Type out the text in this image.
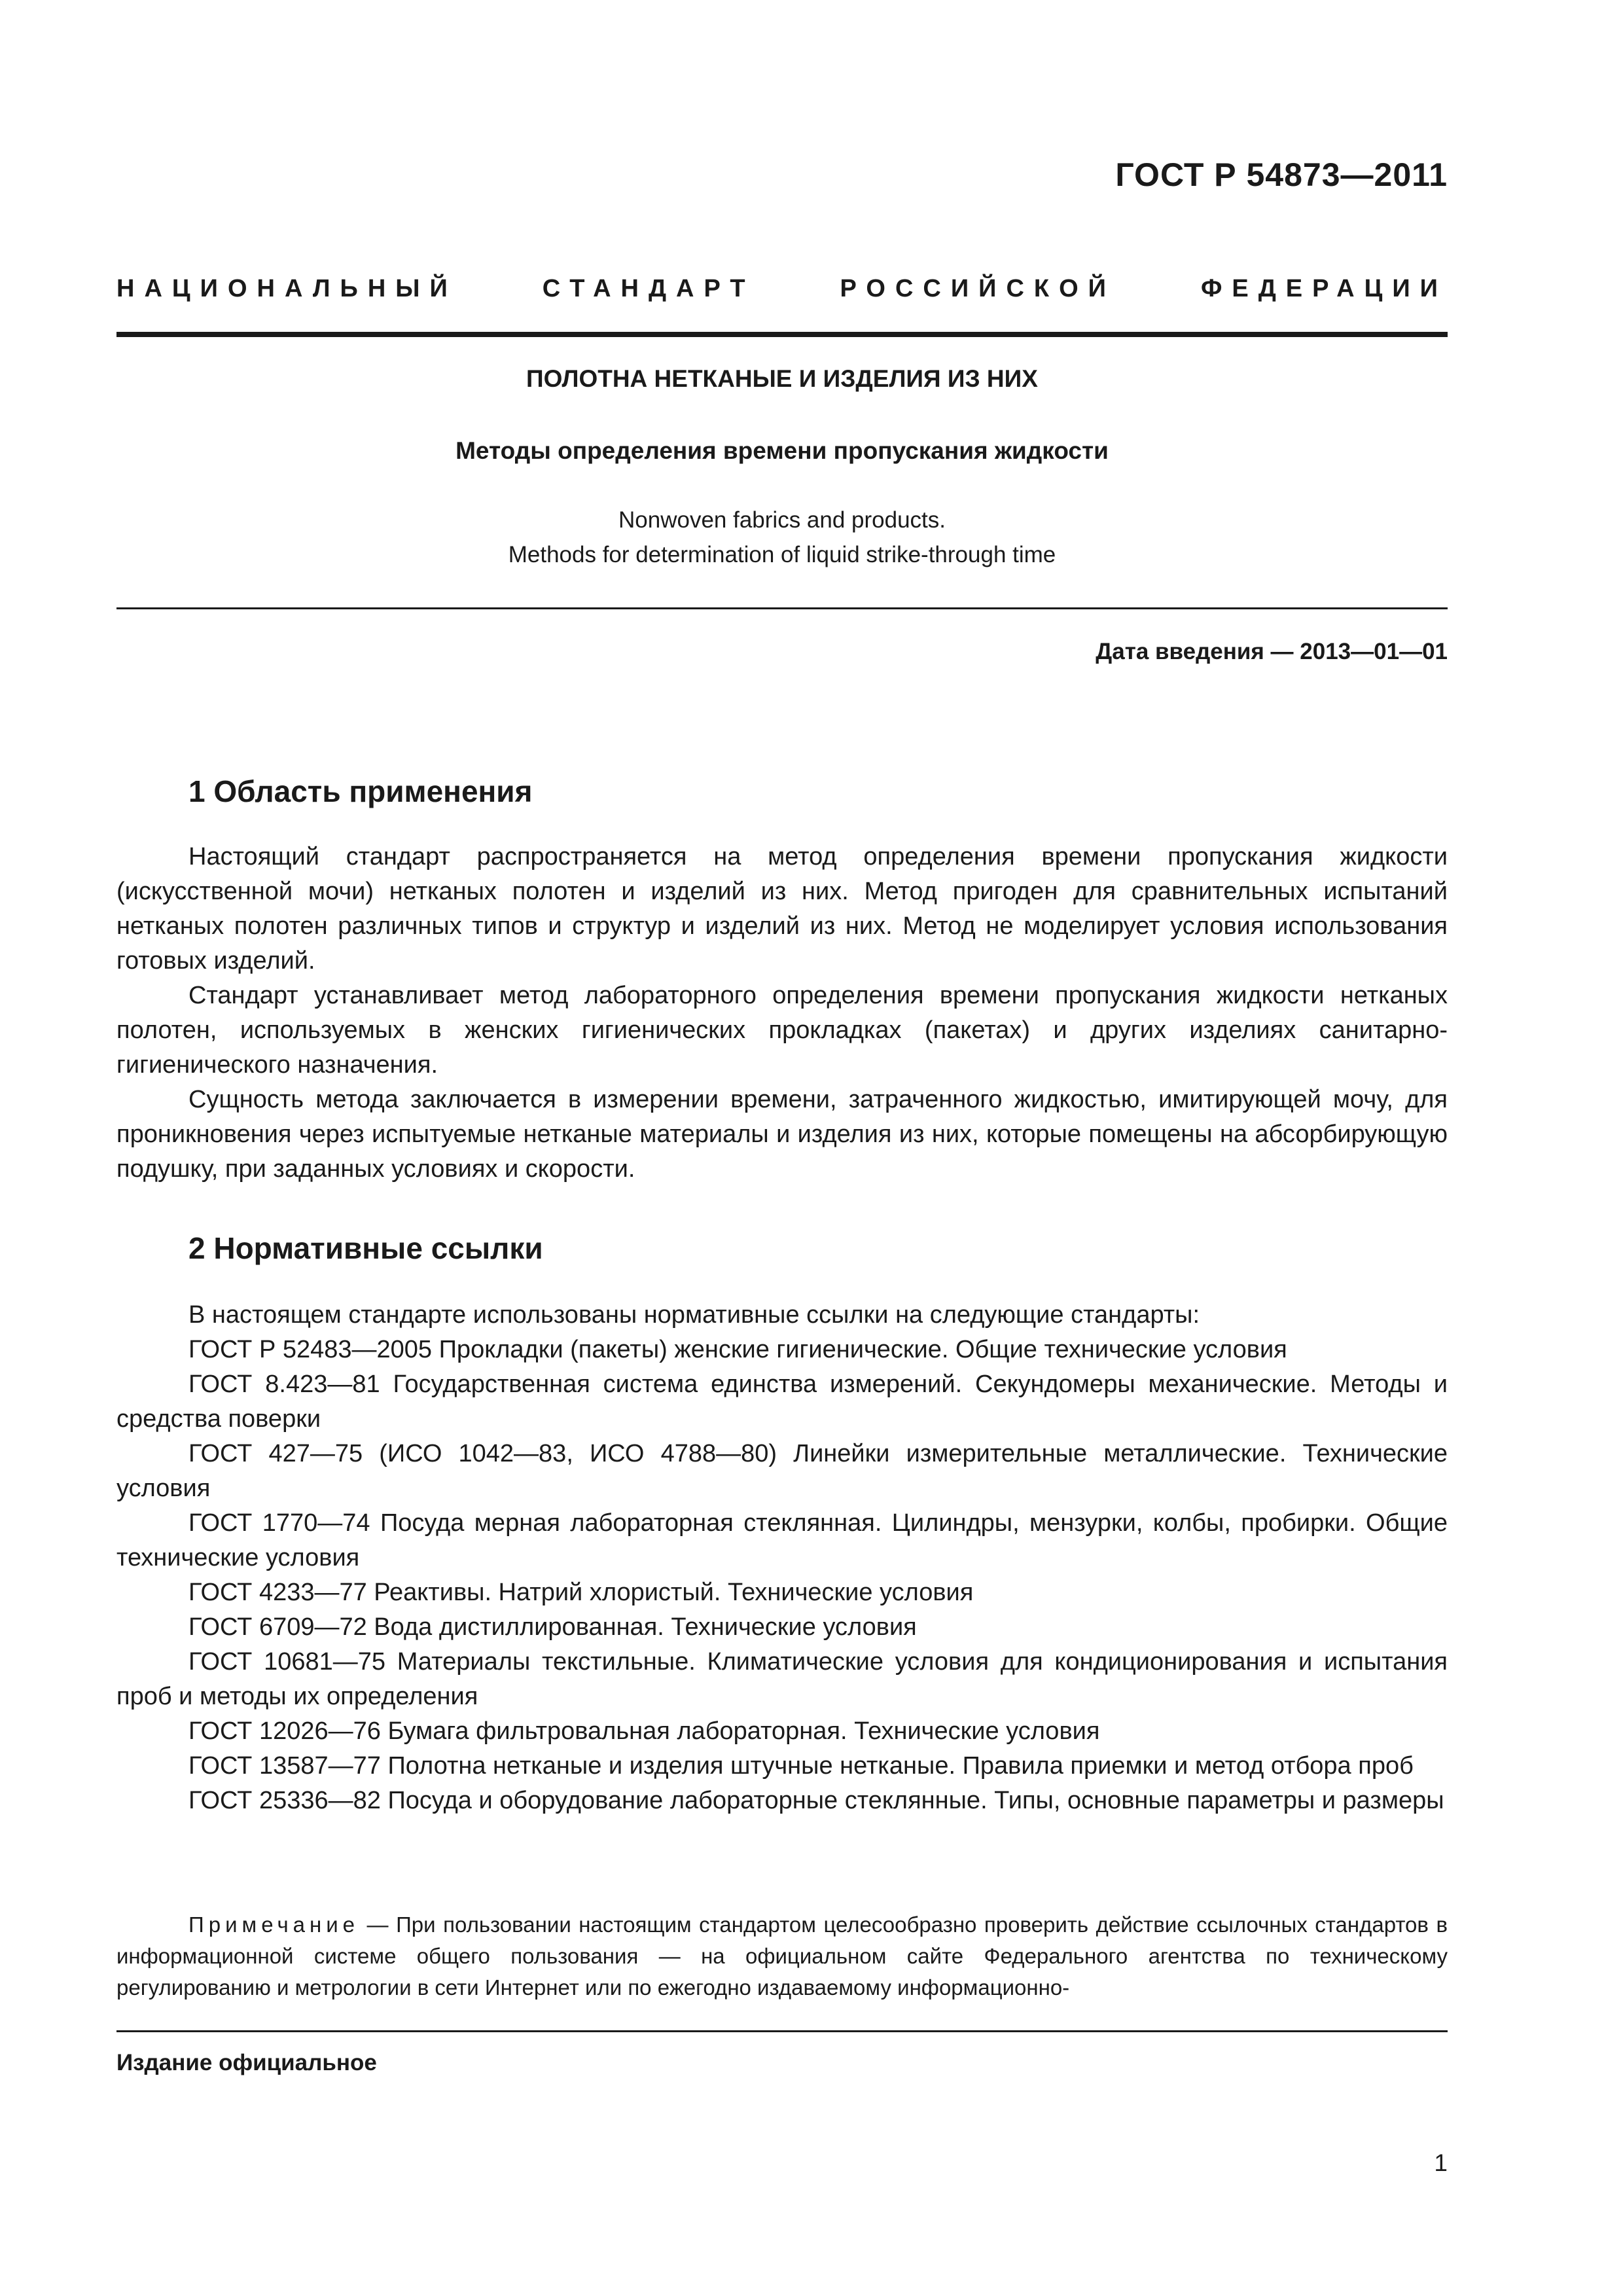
ГОСТ Р 54873—2011
НАЦИОНАЛЬНЫЙ	СТАНДАРТ	РОССИЙСКОЙ	ФЕДЕРАЦИИ
ПОЛОТНА НЕТКАНЫЕ И ИЗДЕЛИЯ ИЗ НИХ
Методы определения времени пропускания жидкости
Nonwoven fabrics and products.
Methods for determination of liquid strike-through time
Дата введения — 2013—01—01
1 Область применения

Настоящий стандарт распространяется на метод определения времени пропускания жидкости (искусственной мочи) нетканых полотен и изделий из них. Метод пригоден для сравнительных испытаний нетканых полотен различных типов и структур и изделий из них. Метод не моделирует условия использования готовых изделий.

Стандарт устанавливает метод лабораторного определения времени пропускания жидкости нетканых полотен, используемых в женских гигиенических прокладках (пакетах) и других изделиях санитарно-гигиенического назначения.

Сущность метода заключается в измерении времени, затраченного жидкостью, имитирующей мочу, для проникновения через испытуемые нетканые материалы и изделия из них, которые помещены на абсорбирующую подушку, при заданных условиях и скорости.

2 Нормативные ссылки

В настоящем стандарте использованы нормативные ссылки на следующие стандарты:

ГОСТ Р 52483—2005 Прокладки (пакеты) женские гигиенические. Общие технические условия

ГОСТ 8.423—81 Государственная система единства измерений. Секундомеры механические. Методы и средства поверки

ГОСТ 427—75 (ИСО 1042—83, ИСО 4788—80) Линейки измерительные металлические. Технические условия

ГОСТ 1770—74 Посуда мерная лабораторная стеклянная. Цилиндры, мензурки, колбы, пробирки. Общие технические условия

ГОСТ 4233—77 Реактивы. Натрий хлористый. Технические условия

ГОСТ 6709—72 Вода дистиллированная. Технические условия

ГОСТ 10681—75 Материалы текстильные. Климатические условия для кондиционирования и испытания проб и методы их определения

ГОСТ 12026—76 Бумага фильтровальная лабораторная. Технические условия

ГОСТ 13587—77 Полотна нетканые и изделия штучные нетканые. Правила приемки и метод отбора проб

ГОСТ 25336—82 Посуда и оборудование лабораторные стеклянные. Типы, основные параметры и размеры

Примечание — При пользовании настоящим стандартом целесообразно проверить действие ссылочных стандартов в информационной системе общего пользования — на официальном сайте Федерального агентства по техническому регулированию и метрологии в сети Интернет или по ежегодно издаваемому информационно-
Издание официальное
1
